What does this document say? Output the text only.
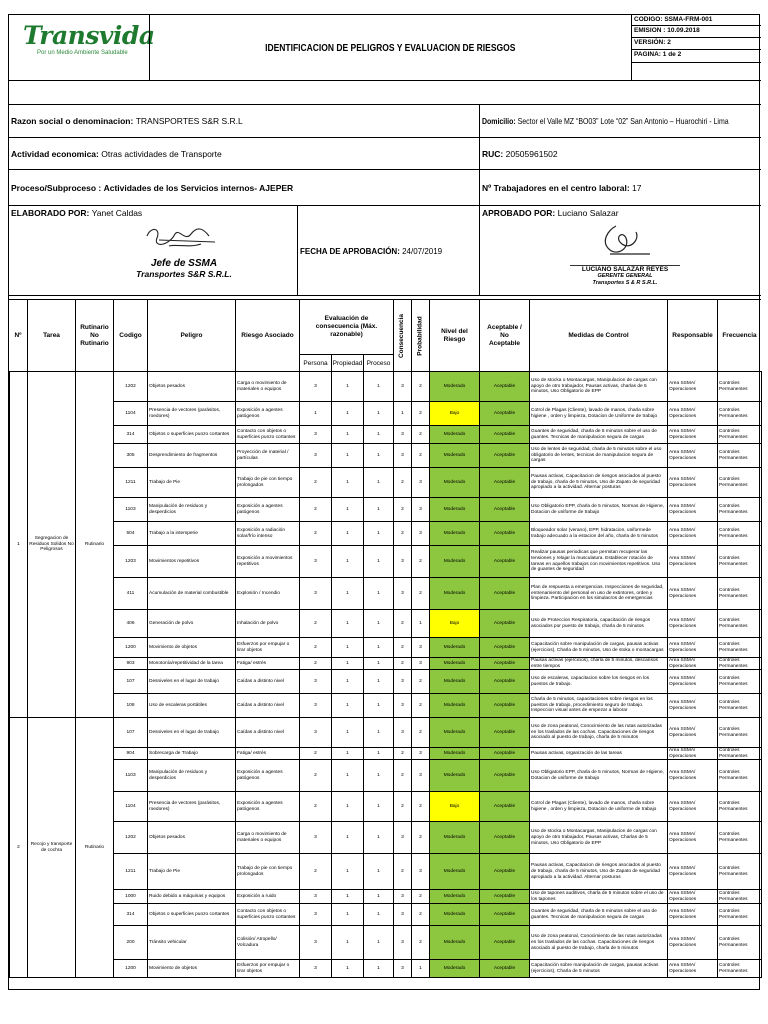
Transvida
Por un Medio Ambiente Saludable	IDENTIFICACION DE PELIGROS Y EVALUACION DE RIESGOS
CODIGO: SSMA-FRM-001
EMISION : 10.09.2018
VERSIÓN: 2
PAGINA: 1 de 2
Razon social o denominacion:
TRANSPORTES S&R S.R.L	Domicilio: Sector el Valle MZ “BO03” Lote “02” San Antonio – Huarochiri - Lima
Actividad economica:
Otras actividades de Transporte	RUC:
20505961502
Proceso/Subproceso :
Actividades de los Servicios internos- AJEPER	Nº Trabajadores en el centro laboral:
17
ELABORADO POR: Yanet Caldas
Jefe de SSMA
Transportes S&R S.R.L.
FECHA DE APROBACIÓN:
24/07/2019
APROBADO POR: Luciano Salazar
LUCIANO SALAZAR REYES
GERENTE GENERAL
Transportes S & R S.R.L.
Nº	Tarea
Rutinario No Rutinario
Codigo	Peligro	Riesgo Asociado
Evaluación de consecuencia (Máx. razonable)
Persona Propiedad Proceso
Consecuencia Probabilidad	Nivel del Riesgo
Aceptable / No Aceptable
Medidas de Control	Responsable	Frecuencia
1	Segregacion de Residuos Solidos No Peligrosos	Rutinario	1202	Objetos pesados	Carga o movimiento de materiales o equipos	3	1	1	3	2	Moderado	Aceptable	Uso de stocka o Montacargas, Manipulacion de cargas con apoyo de otro trabajador, Pausas activas, charlas de 5 minutos, Uso Obligatorio de EPP	Area SSMA/ Operaciones	Controles Permanentes
			1104	Presencia de vectores (parásitos, roedores)	Exposición a agentes patógenos	1	1	1	1	2	Bajo	Aceptable	Cotrol de Plagas (Cliente), lavado de manos, charla sobre higiene , orden y limpieza, Dotacion de Uniforme de trabajo	Area SSMA/ Operaciones	Controles Permanentes
			314	Objetos o superficies punzo cortantes	Contacto con objetos o superficies punzo cortantes	3	1	1	3	2	Moderado	Aceptable	Guantes de seguridad, charla de 5 minutos sobre el uso de guantes. Tecnicas de manipulacion segura de cargas	Area SSMA/ Operaciones	Controles Permanentes
			305	Desprendimiento de fragmentos	Proyección de material / partículas	3	1	1	3	2	Moderado	Aceptable	Uso de lentes de seguridad, charla de 5 minutos sobre el uso obligatorio de lentes, tecnicas de manipulacion segura de cargas	Area SSMA/ Operaciones	Controles Permanentes
			1211	Trabajo de Pie	Trabajo de pie con tiempo prolongados	2	1	1	2	3	Moderado	Aceptable	Pausas activas, Capacitacion de riesgos asociados al puesto de trabajo, charla de 5 minutos, Uso de Zapato de seguridad apropiado a la actividad. Alternar posturas	Area SSMA/ Operaciones	Controles Permanentes
			1103	Manipulación de residuos y desperdicios	Exposición a agentes patógenos	2	1	1	2	3	Moderado	Aceptable	Uso Obligatorio EPP, charla de 5 minutos, Normas de Higiene, Dotacion de uniforme de trabajo	Area SSMA/ Operaciones	Controles Permanentes
			504	Trabajo a la intemperie	Exposición a radiación solar/frío intenso	2	1	1	2	3	Moderado	Aceptable	Bloqueador solar (verano), EPP, hidratacion, uniformede trabajo adecuado a la estacion del año, charla de 5 minutos	Area SSMA/ Operaciones	Controles Permanentes
			1203	Movimientos repetitivos	Exposición a movimientos repetitivos	3	1	1	3	2	Moderado	Aceptable	Realizar pausas periodicas que permitan recuperar las tensiones y relajar la musculatura. Establecer rotación de tareas en aquellos trabajos con movimientos repetitivos. Uso de guantes de seguridad	Area SSMA/ Operaciones	Controles Permanentes
			411	Acumulación de material combustible	Explosión / Incendio	3	1	1	3	2	Moderado	Aceptable	Plan de respuesta a emergencias. Inspecciones de seguridad, entrenamiento del personal en uso de extintores, orden y limpieza. Participacion en los simulacros de emergencias	Area SSMA/ Operaciones	Controles Permanentes
			406	Generación de polvo	Inhalación de polvo	2	1	1	2	1	Bajo	Aceptable	Uso de Proteccion Respiratoria, capacitación de riesgos asociados por puesto de trabajo, charla de 5 minutos	Area SSMA/ Operaciones	Controles Permanentes
			1200	Movimiento de objetos	Esfuerzos por empujar o tirar objetos	2	1	1	2	3	Moderado	Aceptable	Capacitación sobre manipulación de cargas, pausas activas (ejercicios), Charla de 5 minutos, Uso de stoka o montacargas	Area SSMA/ Operaciones	Controles Permanentes
			903	Monotonía/repetitividad de la tarea	Fatiga/ estrés	2	1	1	2	3	Moderado	Aceptable	Pausas activas (ejercicios), charla de 5 minutos, descansos entre tiempos	Area SSMA/ Operaciones	Controles Permanentes
			107	Desniveles en el lugar de trabajo	Caídas a distinto nivel	3	1	1	3	2	Moderado	Aceptable	Uso de escaleras, capacitacion sobre los riesgos en los puestos de trabajo.	Area SSMA/ Operaciones	Controles Permanentes
			108	Uso de escaleras portátiles	Caídas a distinto nivel	3	1	1	3	2	Moderado	Aceptable	Charla de 5 minutos, capacitaciones sobre riesgos en los puestos de trabajo, procedimiento seguro de trabajo. Inspeccion visual antes de empezar a laborar	Area SSMA/ Operaciones	Controles Permanentes
2	Recojo y transporte de cochra	Rutinario	107	Desniveles en el lugar de trabajo	Caídas a distinto nivel	3	1	1	3	2	Moderado	Aceptable	Uso de zona peatonal, Conocimiento de las rutas autorizadas en los traslados de las cochas. Capacitaciones de riesgos asociado al puesto de trabajo, charla de 5 minutos	Area SSMA/ Operaciones	Controles Permanentes
			904	Sobrecarga de Trabajo	Fatiga/ estrés	2	1	1	2	3	Moderado	Aceptable	Pausas activas, organización de las tareas	Area SSMA/ Operaciones	Controles Permanentes
			1103	Manipulación de residuos y desperdicios	Exposición a agentes patógenos	2	1	1	2	3	Moderado	Aceptable	Uso Obligatorio EPP, charla de 5 minutos, Normas de Higiene, Dotacion de uniforme de trabajo	Area SSMA/ Operaciones	Controles Permanentes
			1104	Presencia de vectores (parásitos, roedores)	Exposición a agentes patógenos	2	1	1	2	2	Bajo	Aceptable	Cotrol de Plagas (Cliente), lavado de manos, charla sobre higiene , orden y limpieza, Dotacion de uniforme de trabajo	Area SSMA/ Operaciones	Controles Permanentes
			1202	Objetos pesados	Carga o movimiento de materiales o equipos	3	1	1	3	2	Moderado	Aceptable	Uso de stocka o Montacargas, Manipulacion de cargas con apoyo de otro trabajador, Pausas activas, Charlas de 5 minutos, Uso Obligatorio de EPP	Area SSMA/ Operaciones	Controles Permanentes
			1211	Trabajo de Pie	Trabajo de pie con tiempo prolongados	2	1	1	2	3	Moderado	Aceptable	Pausas activas, Capacitacion de riesgos asociados al puesto de trabajo, charla de 5 minutos, Uso de Zapato de seguridad apropiado a la actividad. Alternar posturas	Area SSMA/ Operaciones	Controles Permanentes
			1000	Ruido debido a máquinas y equipos	Exposición a ruido	3	1	1	3	2	Moderado	Aceptable	Uso de tapones auditivos, charla de 5 minutos sobre el uso de los tapones	Area SSMA/ Operaciones	Controles Permanentes
			314	Objetos o superficies punzo cortantes	Contacto con objetos o superficies punzo cortantes	3	1	1	3	2	Moderado	Aceptable	Guantes de seguridad, charla de 5 minutos sobre el uso de guantes. Tecnicas de manipulacion segura de cargas	Area SSMA/ Operaciones	Controles Permanentes
			200	Tránsito vehicular	Colisión/ Atropello/ Volcadura	3	1	1	3	2	Moderado	Aceptable	Uso de zona peatonal, Conocimiento de las rutas autorizadas en los traslados de las cochas. Capacitaciones de riesgos asociado al puesto de trabajo, charla de 5 minutos	Area SSMA/ Operaciones	Controles Permanentes
			1200	Movimiento de objetos	Esfuerzos por empujar o tirar objetos	3	1	1	3	1	Moderado	Aceptable	Capacitación sobre manipulación de cargas, pausas activas (ejercicios), Charla de 5 minutos	Area SSMA/ Operaciones	Controles Permanentes
